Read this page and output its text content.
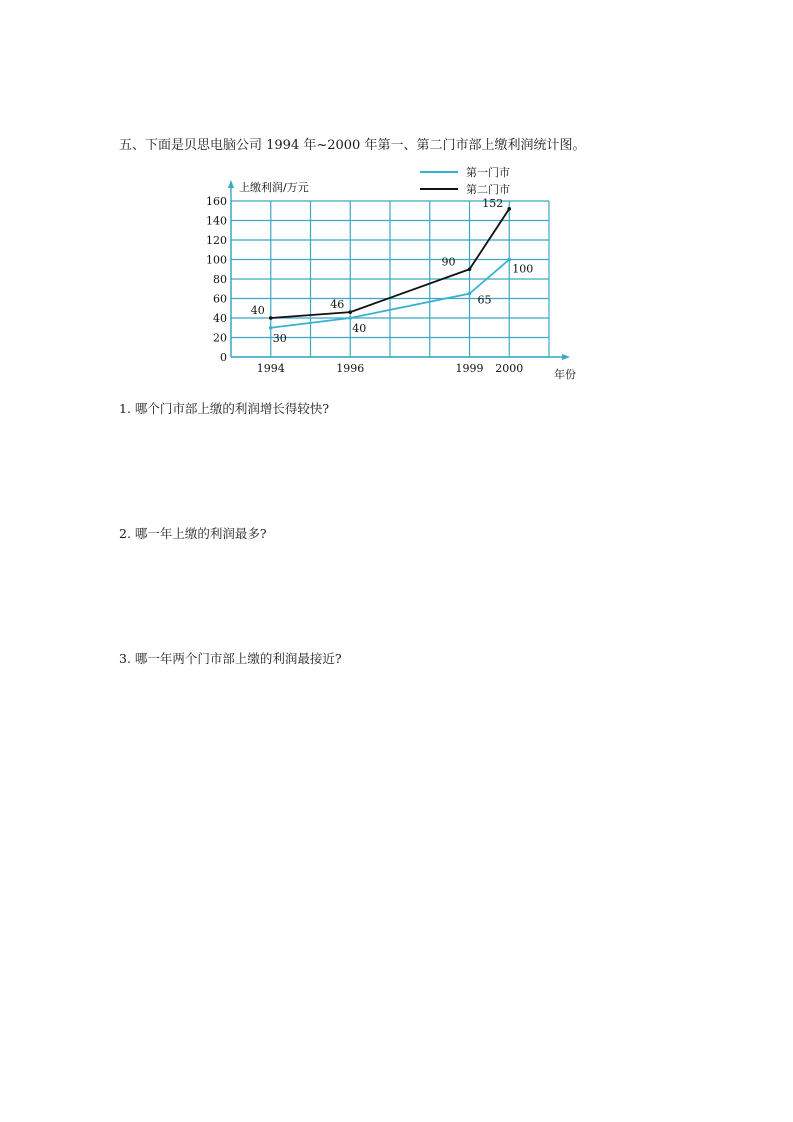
五、下面是贝思电脑公司 1994 年~2000 年第一、第二门市部上缴利润统计图。
0
20
40
60
80
100
120
140
160
1994	1996	1999 2000
上缴利润/万元
年份
30
40
65
100
40	46
90
152
第一门市
第二门市
1. 哪个门市部上缴的利润增长得较快?
2. 哪一年上缴的利润最多?
3. 哪一年两个门市部上缴的利润最接近?
